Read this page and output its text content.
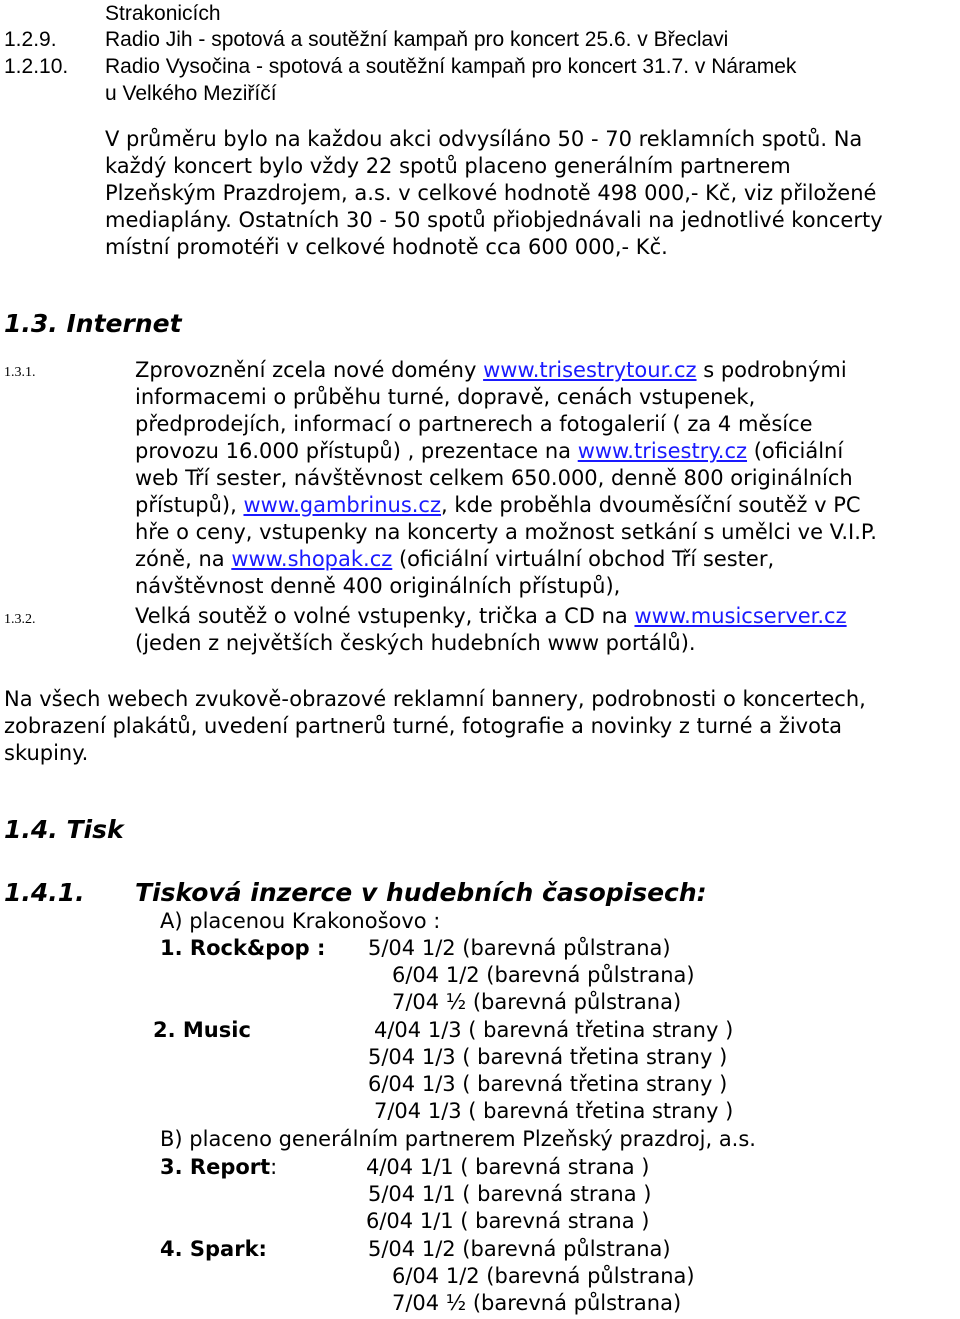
Strakonicích
1.2.9. Radio Jih - spotová a soutěžní kampaň pro koncert 25.6. v Břeclavi
1.2.10. Radio Vysočina - spotová a soutěžní kampaň pro koncert 31.7. v Náramek
u Velkého Meziříčí
V průměru bylo na každou akci odvysíláno 50 - 70 reklamních spotů. Na
každý koncert bylo vždy 22 spotů placeno generálním partnerem
Plzeňským Prazdrojem, a.s. v celkové hodnotě 498 000,- Kč, viz přiložené
mediaplány. Ostatních 30 - 50 spotů přiobjednávali na jednotlivé koncerty
místní promotéři v celkové hodnotě cca 600 000,- Kč.
1.3. Internet
1.3.1.	Zprovoznění zcela nové domény www.trisestrytour.cz s podrobnými
informacemi o průběhu turné, dopravě, cenách vstupenek,
předprodejích, informací o partnerech a fotogalerií ( za 4 měsíce
provozu 16.000 přístupů) , prezentace na www.trisestry.cz (oficiální
web Tří sester, návštěvnost celkem 650.000, denně 800 originálních
přístupů), www.gambrinus.cz, kde proběhla dvouměsíční soutěž v PC
hře o ceny, vstupenky na koncerty a možnost setkání s umělci ve V.I.P.
zóně, na www.shopak.cz (oficiální virtuální obchod Tří sester,
návštěvnost denně 400 originálních přístupů),
1.3.2.	Velká soutěž o volné vstupenky, trička a CD na www.musicserver.cz
(jeden z největších českých hudebních www portálů).
Na všech webech zvukově-obrazové reklamní bannery, podrobnosti o koncertech,
zobrazení plakátů, uvedení partnerů turné, fotografie a novinky z turné a života
skupiny.
1.4. Tisk
1.4.1. Tisková inzerce v hudebních časopisech:
A) placenou Krakonošovo :
1. Rock&pop : 5/04 1/2 (barevná půlstrana)
6/04 1/2 (barevná půlstrana)
7/04 ½ (barevná půlstrana)
2. Music	4/04 1/3 ( barevná třetina strany )
5/04 1/3 ( barevná třetina strany )
6/04 1/3 ( barevná třetina strany )
7/04 1/3 ( barevná třetina strany )
B) placeno generálním partnerem Plzeňský prazdroj, a.s.
3. Report:	4/04 1/1 ( barevná strana )
5/04 1/1 ( barevná strana )
6/04 1/1 ( barevná strana )
4. Spark:	5/04 1/2 (barevná půlstrana)
6/04 1/2 (barevná půlstrana)
7/04 ½ (barevná půlstrana)
